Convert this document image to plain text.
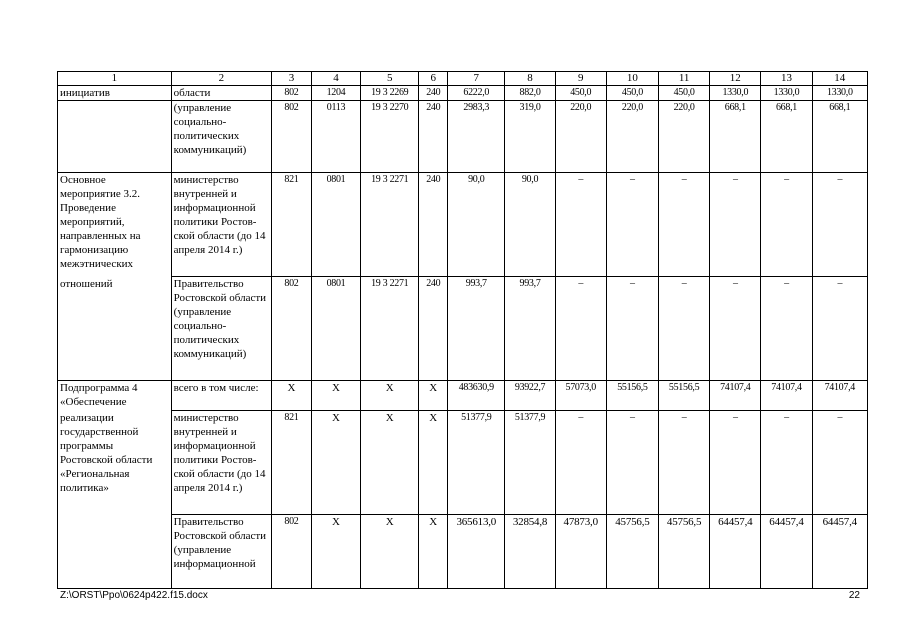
1	2	3	4	5	6	7	8	9	10	11	12	13	14
инициатив	области	802	1204	19 3 2269	240	6222,0	882,0	450,0	450,0	450,0	1330,0	1330,0	1330,0
	(управление социально-политических коммуникаций)	802	0113	19 3 2270	240	2983,3	319,0	220,0	220,0	220,0	668,1	668,1	668,1
Основное мероприятие 3.2. Проведение мероприятий, направленных на гармонизацию межэтнических	министерство внутренней и информационной политики Ростов-ской области (до 14 апреля 2014 г.)	821	0801	19 3 2271	240	90,0	90,0	–	–	–	–	–	–
отношений	Правительство Ростовской области (управление социально-политических коммуникаций)	802	0801	19 3 2271	240	993,7	993,7	–	–	–	–	–	–
Подпрограмма 4 «Обеспечение	всего в том числе:	Х	Х	Х	Х	483630,9	93922,7	57073,0	55156,5	55156,5	74107,4	74107,4	74107,4
реализации государственной программы Ростовской области «Региональная политика»	министерство внутренней и информационной политики Ростов-ской области (до 14 апреля 2014 г.)	821	Х	Х	Х	51377,9	51377,9	–	–	–	–	–	–
	Правительство Ростовской области (управление информационной	802	Х	Х	Х	365613,0	32854,8	47873,0	45756,5	45756,5	64457,4	64457,4	64457,4
Z:\ORST\Ppo\0624p422.f15.docx	22
